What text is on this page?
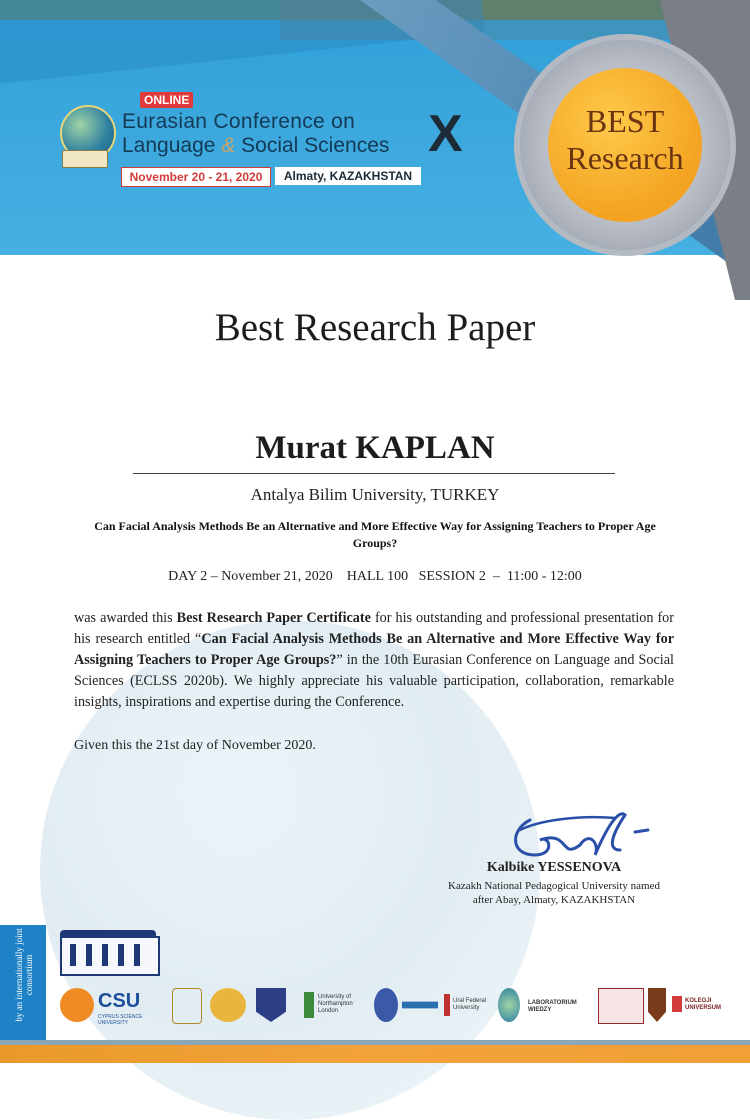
ONLINE
Eurasian Conference on
Language & Social Sciences X
November 20 - 21, 2020	Almaty, KAZAKHSTAN
BEST
Research
Best Research Paper
Murat KAPLAN
Antalya Bilim University, TURKEY
Can Facial Analysis Methods Be an Alternative and More Effective Way for Assigning Teachers to Proper Age Groups?
DAY 2 – November 21, 2020    HALL 100   SESSION 2  –  11:00 - 12:00
was awarded this Best Research Paper Certificate for his outstanding and professional presentation for his research entitled “Can Facial Analysis Methods Be an Alternative and More Effective Way for Assigning Teachers to Proper Age Groups?” in the 10th Eurasian Conference on Language and Social Sciences (ECLSS 2020b). We highly appreciate his valuable participation, collaboration, remarkable insights, inspirations and expertise during the Conference.
Given this the 21st day of November 2020.
Kalbike YESSENOVA
Kazakh National Pedagogical University named
after Abay, Almaty, KAZAKHSTAN
by an internationally joint consortium
CSU
CYPRUS SCIENCE UNIVERSITY
University of Northampton London
Ural Federal University
LABORATORIUM WIEDZY
KOLEGJI UNIVERSUM
